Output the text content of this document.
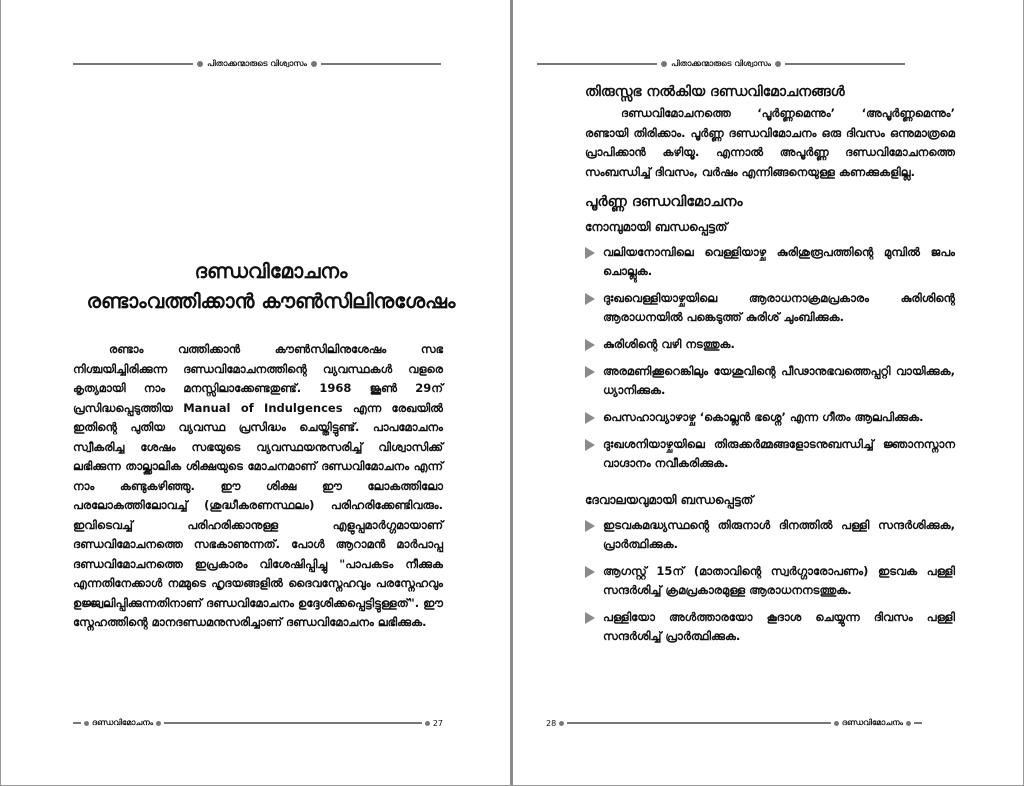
പിതാക്കന്മാരുടെ വിശ്വാസം
ദണ്ഡവിമോചനം
രണ്ടാംവത്തിക്കാൻ കൗൺസിലിനുശേഷം

രണ്ടാം വത്തിക്കാൻ കൗൺസിലിനുശേഷം സഭ നിശ്ചയിച്ചിരിക്കുന്ന ദണ്ഡവിമോചനത്തിന്റെ വ്യവസ്ഥകൾ വളരെ കൃത്യമായി നാം മനസ്സിലാക്കേണ്ടതുണ്ട്. 1968 ജൂൺ 29ന് പ്രസിദ്ധപ്പെടുത്തിയ Manual of Indulgences എന്ന രേഖയിൽ ഇതിന്റെ പുതിയ വ്യവസ്ഥ പ്രസിദ്ധം ചെയ്തിട്ടുണ്ട്. പാപമോചനം സ്വീകരിച്ച ശേഷം സഭയുടെ വ്യവസ്ഥയനുസരിച്ച് വിശ്വാസിക്ക് ലഭിക്കുന്ന താല്ക്കാലിക ശിക്ഷയുടെ മോചനമാണ് ദണ്ഡവിമോചനം എന്ന് നാം കണ്ടുകഴിഞ്ഞു. ഈ ശിക്ഷ ഈ ലോകത്തിലോ പരലോകത്തിലോവച്ച് (ശുദ്ധീകരണസ്ഥലം) പരിഹരിക്കേണ്ടിവരും. ഇവിടെവച്ച് പരിഹരിക്കാനുള്ള എളുപ്പമാർഗ്ഗമായാണ് ദണ്ഡവിമോചനത്തെ സഭകാണുന്നത്. പോൾ ആറാമൻ മാർപാപ്പ ദണ്ഡവിമോചനത്തെ ഇപ്രകാരം വിശേഷിപ്പിച്ചു "പാപകടം നീക്കുക എന്നതിനേക്കാൾ നമ്മുടെ ഹൃദയങ്ങളിൽ ദൈവസ്നേഹവും പരസ്നേഹവും ഉജ്ജ്വലിപ്പിക്കുന്നതിനാണ് ദണ്ഡവിമോചനം ഉദ്ദേശിക്കപ്പെട്ടിട്ടുള്ളത്". ഈ സ്നേഹത്തിന്റെ മാനദണ്ഡമനുസരിച്ചാണ് ദണ്ഡവിമോചനം ലഭിക്കുക.

ദണ്ഡവിമോചനം	27
പിതാക്കന്മാരുടെ വിശ്വാസം
തിരുസ്സഭ നൽകിയ ദണ്ഡവിമോചനങ്ങൾ

ദണ്ഡവിമോചനത്തെ ‘പൂർണ്ണമെന്നും’ ‘അപൂർണ്ണമെന്നും’ രണ്ടായി തിരിക്കാം. പൂർണ്ണ ദണ്ഡവിമോചനം ഒരു ദിവസം ഒന്നുമാത്രമെ പ്രാപിക്കാൻ കഴിയൂ. എന്നാൽ അപൂർണ്ണ ദണ്ഡവിമോചനത്തെ സംബന്ധിച്ച് ദിവസം, വർഷം എന്നിങ്ങനെയുള്ള കണക്കുകളില്ല.

പൂർണ്ണ ദണ്ഡവിമോചനം
നോമ്പുമായി ബന്ധപ്പെട്ടത്
വലിയനോമ്പിലെ വെള്ളിയാഴ്ച കുരിശുരൂപത്തിന്റെ മുമ്പിൽ ജപം ചൊല്ലുക.
ദുഃഖവെള്ളിയാഴ്ചയിലെ ആരാധനാക്രമപ്രകാരം കുരിശിന്റെ ആരാധനയിൽ പങ്കെടുത്ത് കുരിശ് ചുംബിക്കുക.
കുരിശിന്റെ വഴി നടത്തുക.
അരമണിക്കൂറെങ്കിലും യേശുവിന്റെ പീഢാനുഭവത്തെപ്പറ്റി വായിക്കുക, ധ്യാനിക്കുക.
പെസഹാവ്യാഴാഴ്ച ‘കൊല്ലൻ ഭശ്നെ’ എന്ന ഗീതം ആലപിക്കുക.
ദുഃഖശനിയാഴ്ചയിലെ തിരുക്കർമ്മങ്ങളോടനുബന്ധിച്ച് ജ്ഞാനസ്നാന വാഗ്ദാനം നവീകരിക്കുക.
ദേവാലയവുമായി ബന്ധപ്പെട്ടത്
ഇടവകമദ്ധ്യസ്ഥന്റെ തിരുനാൾ ദിനത്തിൽ പള്ളി സന്ദർശിക്കുക, പ്രാർത്ഥിക്കുക.
ആഗസ്റ്റ് 15ന് (മാതാവിന്റെ സ്വർഗ്ഗാരോപണം) ഇടവക പള്ളി സന്ദർശിച്ച് ക്രമപ്രകാരമുള്ള ആരാധനനടത്തുക.
പള്ളിയോ അൾത്താരയോ കൂദാശ ചെയ്യുന്ന ദിവസം പള്ളി സന്ദർശിച്ച് പ്രാർത്ഥിക്കുക.
28	ദണ്ഡവിമോചനം
